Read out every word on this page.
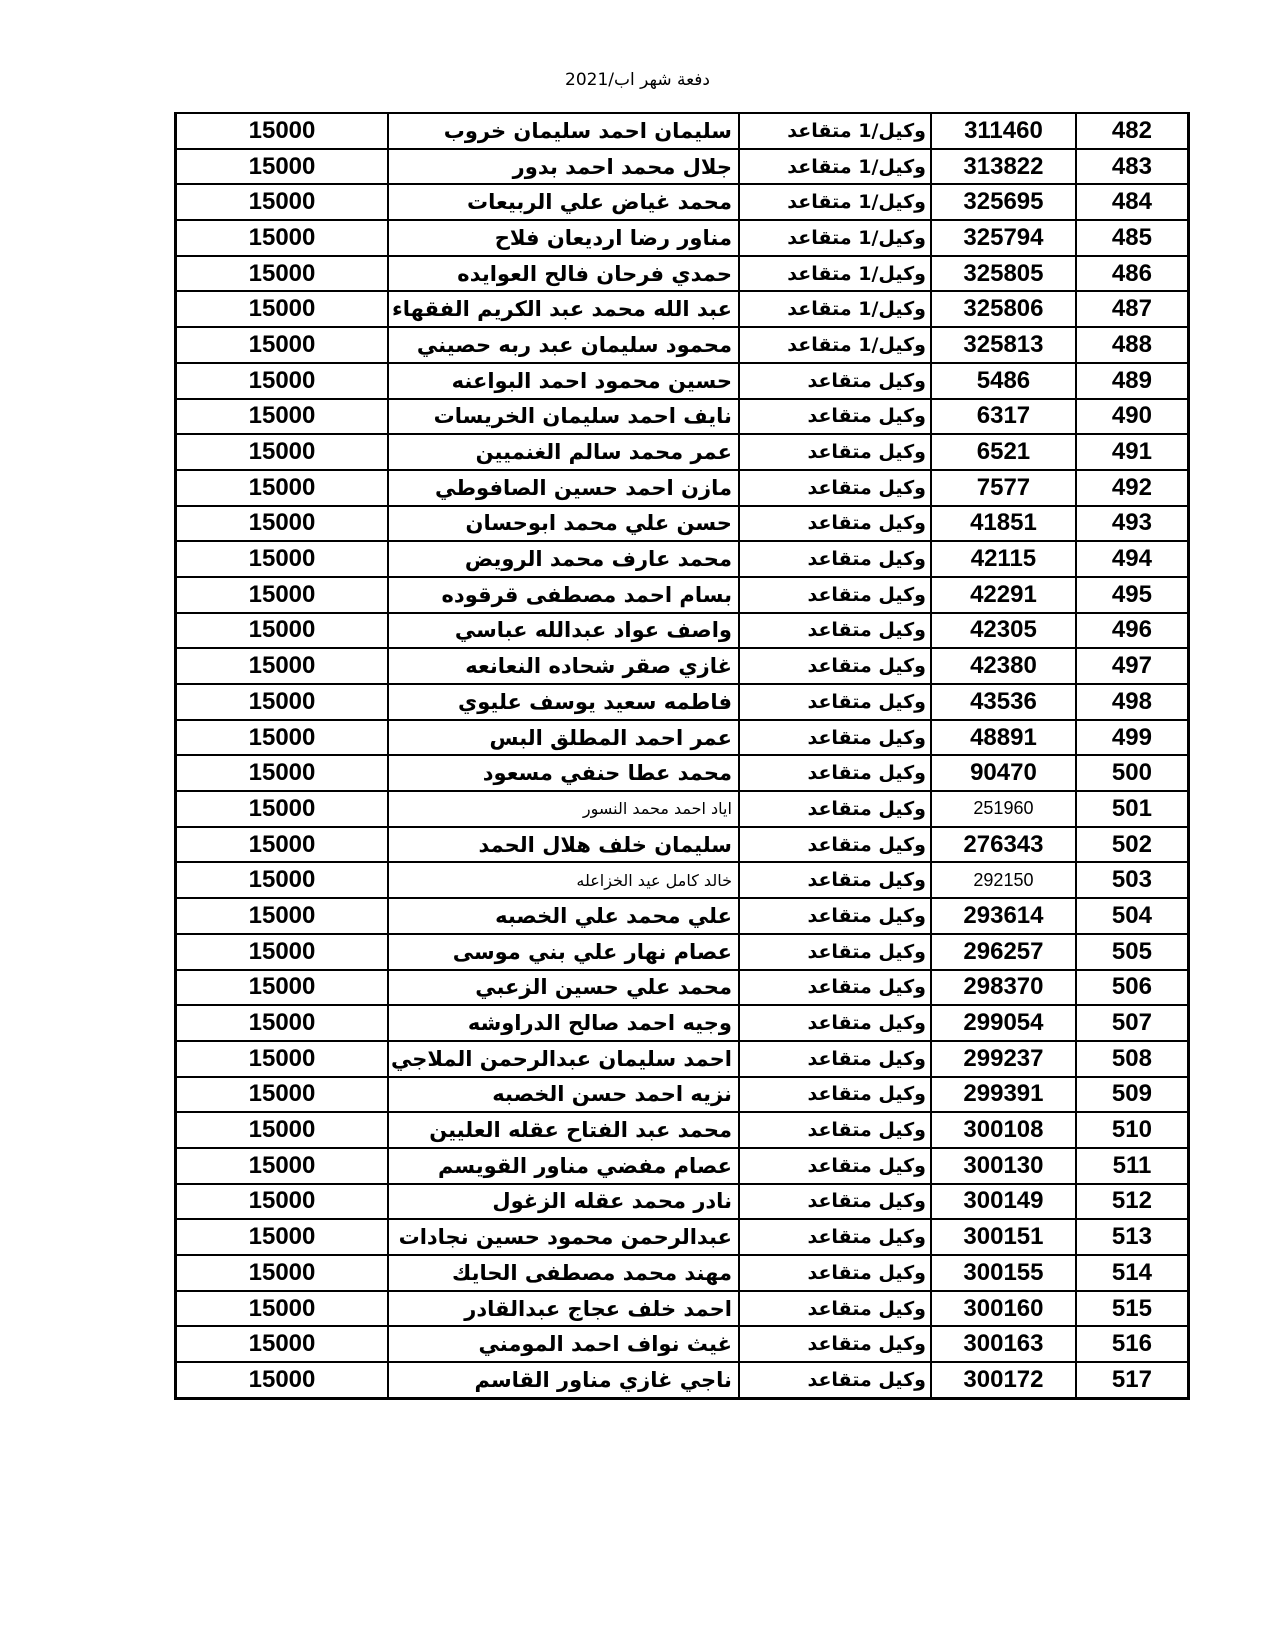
دفعة شهر اب/2021
15000	سليمان احمد سليمان خروب	وكيل/1 متقاعد	311460	482
15000	جلال محمد احمد بدور	وكيل/1 متقاعد	313822	483
15000	محمد غياض علي الربيعات	وكيل/1 متقاعد	325695	484
15000	مناور رضا ارديعان فلاح	وكيل/1 متقاعد	325794	485
15000	حمدي فرحان فالح العوايده	وكيل/1 متقاعد	325805	486
15000	عبد الله محمد عبد الكريم الفقهاء	وكيل/1 متقاعد	325806	487
15000	محمود سليمان عبد ربه حصيني	وكيل/1 متقاعد	325813	488
15000	حسين محمود احمد البواعنه	وكيل متقاعد	5486	489
15000	نايف احمد سليمان الخريسات	وكيل متقاعد	6317	490
15000	عمر محمد سالم الغنميين	وكيل متقاعد	6521	491
15000	مازن احمد حسين الصافوطي	وكيل متقاعد	7577	492
15000	حسن علي محمد ابوحسان	وكيل متقاعد	41851	493
15000	محمد عارف محمد الرويض	وكيل متقاعد	42115	494
15000	بسام احمد مصطفى قرقوده	وكيل متقاعد	42291	495
15000	واصف عواد عبدالله عباسي	وكيل متقاعد	42305	496
15000	غازي صقر شحاده النعانعه	وكيل متقاعد	42380	497
15000	فاطمه سعيد يوسف عليوي	وكيل متقاعد	43536	498
15000	عمر احمد المطلق البس	وكيل متقاعد	48891	499
15000	محمد عطا حنفي مسعود	وكيل متقاعد	90470	500
15000	اياد احمد محمد النسور	وكيل متقاعد	251960	501
15000	سليمان خلف هلال الحمد	وكيل متقاعد	276343	502
15000	خالد كامل عيد الخزاعله	وكيل متقاعد	292150	503
15000	علي محمد علي الخصبه	وكيل متقاعد	293614	504
15000	عصام نهار علي بني موسى	وكيل متقاعد	296257	505
15000	محمد علي حسين الزعبي	وكيل متقاعد	298370	506
15000	وجيه احمد صالح الدراوشه	وكيل متقاعد	299054	507
15000	احمد سليمان عبدالرحمن الملاجي	وكيل متقاعد	299237	508
15000	نزيه احمد حسن الخصبه	وكيل متقاعد	299391	509
15000	محمد عبد الفتاح عقله العليين	وكيل متقاعد	300108	510
15000	عصام مفضي مناور القويسم	وكيل متقاعد	300130	511
15000	نادر محمد عقله الزغول	وكيل متقاعد	300149	512
15000	عبدالرحمن محمود حسين نجادات	وكيل متقاعد	300151	513
15000	مهند محمد مصطفى الحايك	وكيل متقاعد	300155	514
15000	احمد خلف عجاج عبدالقادر	وكيل متقاعد	300160	515
15000	غيث نواف احمد المومني	وكيل متقاعد	300163	516
15000	ناجي غازي مناور القاسم	وكيل متقاعد	300172	517
